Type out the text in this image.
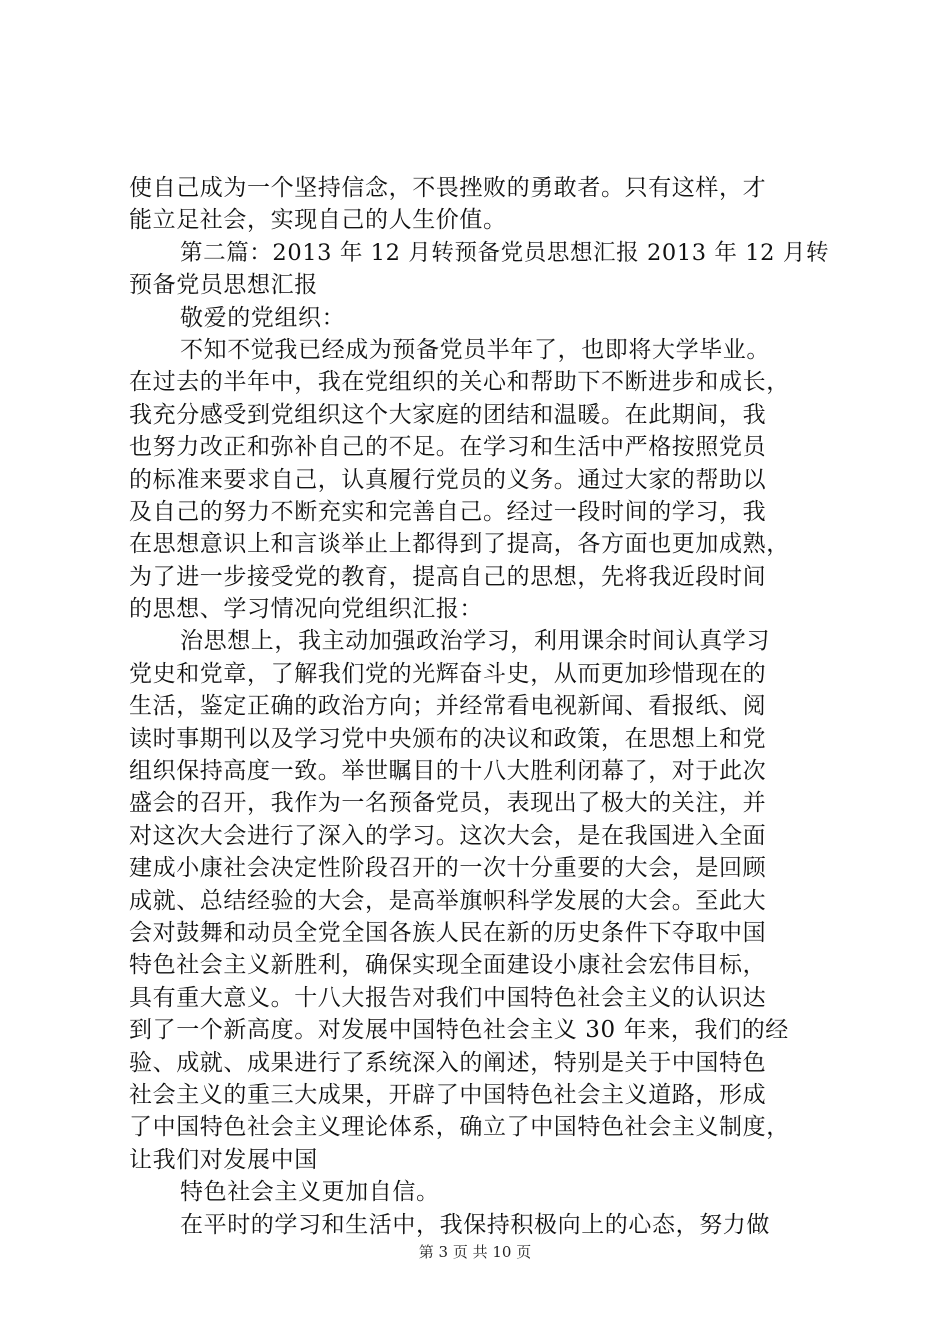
使自己成为一个坚持信念，不畏挫败的勇敢者。只有这样，才
能立足社会，实现自己的人生价值。
第二篇：2013 年 12 月转预备党员思想汇报 2013 年 12 月转
预备党员思想汇报
敬爱的党组织：
不知不觉我已经成为预备党员半年了，也即将大学毕业。
在过去的半年中，我在党组织的关心和帮助下不断进步和成长，
我充分感受到党组织这个大家庭的团结和温暖。在此期间，我
也努力改正和弥补自己的不足。在学习和生活中严格按照党员
的标准来要求自己，认真履行党员的义务。通过大家的帮助以
及自己的努力不断充实和完善自己。经过一段时间的学习，我
在思想意识上和言谈举止上都得到了提高，各方面也更加成熟，
为了进一步接受党的教育，提高自己的思想，先将我近段时间
的思想、学习情况向党组织汇报：
治思想上，我主动加强政治学习，利用课余时间认真学习
党史和党章，了解我们党的光辉奋斗史，从而更加珍惜现在的
生活，鉴定正确的政治方向；并经常看电视新闻、看报纸、阅
读时事期刊以及学习党中央颁布的决议和政策，在思想上和党
组织保持高度一致。举世瞩目的十八大胜利闭幕了，对于此次
盛会的召开，我作为一名预备党员，表现出了极大的关注，并
对这次大会进行了深入的学习。这次大会，是在我国进入全面
建成小康社会决定性阶段召开的一次十分重要的大会，是回顾
成就、总结经验的大会，是高举旗帜科学发展的大会。至此大
会对鼓舞和动员全党全国各族人民在新的历史条件下夺取中国
特色社会主义新胜利，确保实现全面建设小康社会宏伟目标，
具有重大意义。十八大报告对我们中国特色社会主义的认识达
到了一个新高度。对发展中国特色社会主义 30 年来，我们的经
验、成就、成果进行了系统深入的阐述，特别是关于中国特色
社会主义的重三大成果，开辟了中国特色社会主义道路，形成
了中国特色社会主义理论体系，确立了中国特色社会主义制度，
让我们对发展中国
特色社会主义更加自信。
在平时的学习和生活中，我保持积极向上的心态，努力做
第 3 页 共 10 页
